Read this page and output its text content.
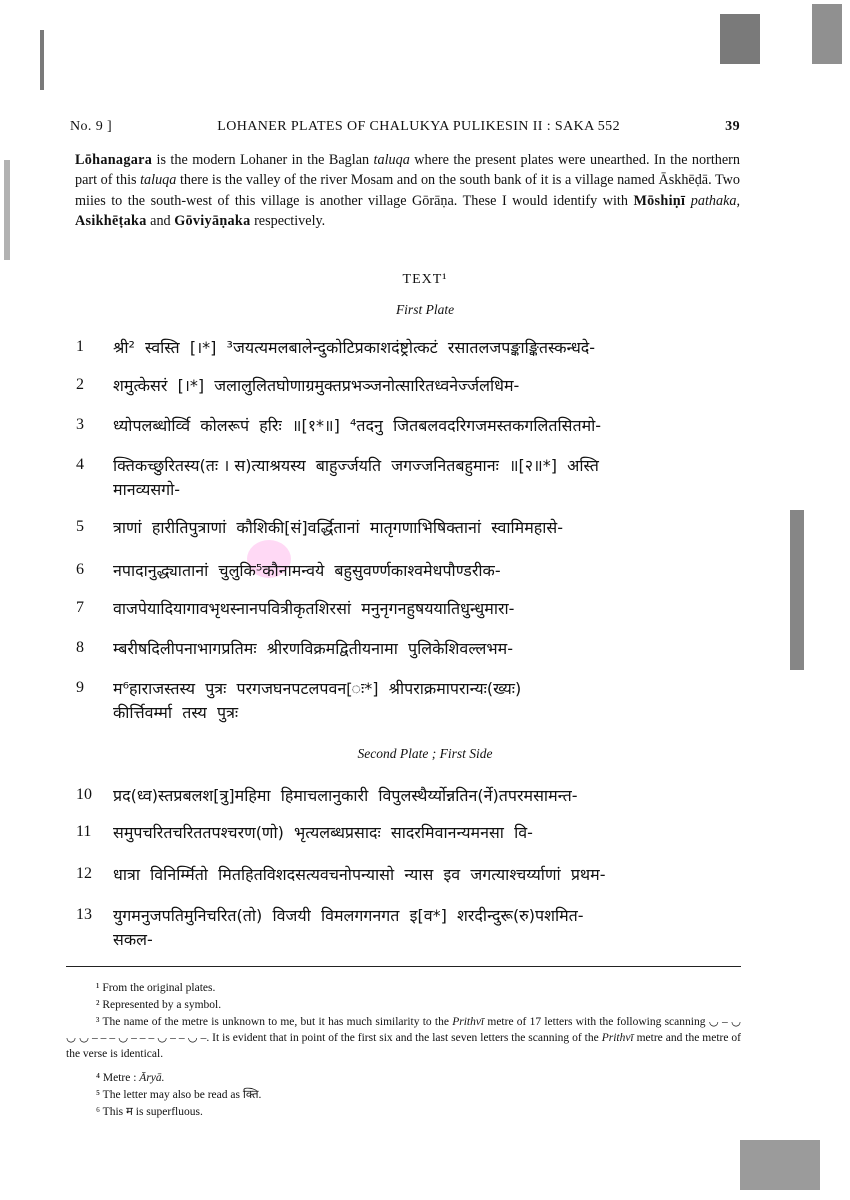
No. 9 ]	LOHANER PLATES OF CHALUKYA PULIKESIN II : SAKA 552	39

Lōhanagara is the modern Lohaner in the Baglan taluqa where the present plates were unearthed. In the northern part of this taluqa there is the valley of the river Mosam and on the south bank of it is a village named Āskhēḍā. Two miies to the south-west of this village is another village Gōrāṇa. These I would identify with Mōshiṇī pathaka, Asikhēṭaka and Gōviyāṇaka respectively.

TEXT¹
First Plate
1	श्री²  स्वस्ति  [।*]  ³जयत्यमलबालेन्दुकोटिप्रकाशदंष्ट्रोत्कटं  रसातलजपङ्काङ्कितस्कन्धदे-
2	शमुत्केसरं  [।*]  जलालुलितघोणाग्रमुक्तप्रभञ्जनोत्सारितध्वनेर्ज्जलधिम-
3	ध्योपलब्धोर्व्वि  कोलरूपं  हरिः  ॥[१*॥]  ⁴तदनु  जितबलवदरिगजमस्तकगलितसितमो-
4	क्तिकच्छुरितस्य(तः । स)त्याश्रयस्य  बाहुर्ज्जयति  जगज्जनितबहुमानः  ॥[२॥*]  अस्ति
मानव्यसगो-
5	त्राणां  हारीतिपुत्राणां  कौशिकी[सं]वर्द्धितानां  मातृगणाभिषिक्तानां  स्वामिमहासे-
6	नपादानुद्ध्यातानां  चुलुकि⁵कौनामन्वये  बहुसुवर्ण्णकाश्वमेधपौण्डरीक-
7	वाजपेयादियागावभृथस्नानपवित्रीकृतशिरसां  मनुनृगनहुषययातिधुन्धुमारा-
8	म्बरीषदिलीपनाभागप्रतिमः  श्रीरणविक्रमद्वितीयनामा  पुलिकेशिवल्लभम-
9	म⁶हाराजस्तस्य  पुत्रः  परगजघनपटलपवन[ः*]  श्रीपराक्रमापरान्यः(ख्यः)
कीर्त्तिवर्म्मा  तस्य  पुत्रः
Second Plate ; First Side
10	प्रद(ध्व)स्तप्रबलश[त्रु]महिमा  हिमाचलानुकारी  विपुलस्थैर्य्योन्नतिन(र्ने)तपरमसामन्त-
11	समुपचरितचरिततपश्चरण(णो)  भृत्यलब्धप्रसादः  सादरमिवानन्यमनसा  वि-
12	धात्रा  विनिर्म्मितो  मितहितविशदसत्यवचनोपन्यासो  न्यास  इव  जगत्याश्चर्य्याणां  प्रथम-
13	युगमनुजपतिमुनिचरित(तो)  विजयी  विमलगगनगत  इ[व*]  शरदीन्दुरू(रु)पशमित-
सकल-
¹ From the original plates.
² Represented by a symbol.
³ The name of the metre is unknown to me, but it has much similarity to the Prithvī metre of 17 letters with the following scanning ◡ – ◡ ◡ ◡ – – – ◡ – – – ◡ – – ◡ –. It is evident that in point of the first six and the last seven letters the scanning of the Prithvī metre and the metre of the verse is identical.
⁴ Metre : Āryā.
⁵ The letter may also be read as क्ति.
⁶ This म is superfluous.
